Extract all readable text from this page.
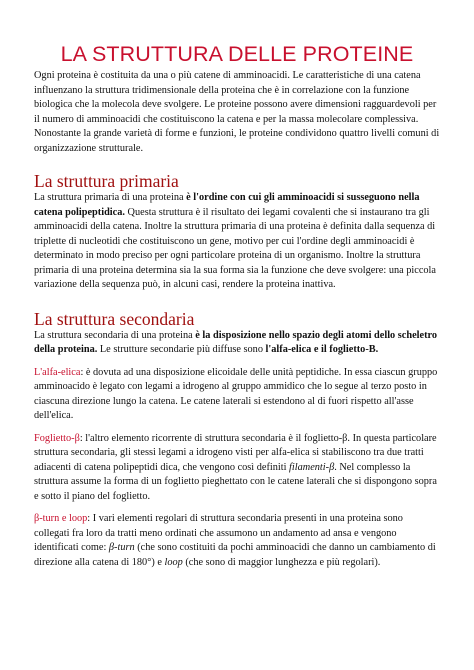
LA STRUTTURA DELLE PROTEINE

Ogni proteina è costituita da una o più catene di amminoacidi. Le caratteristiche di una catena influenzano la struttura tridimensionale della proteina che è in correlazione con la funzione biologica che la molecola deve svolgere. Le proteine possono avere dimensioni ragguardevoli per il numero di amminoacidi che costituiscono la catena e per la massa molecolare complessiva. Nonostante la grande varietà di forme e funzioni, le proteine condividono quattro livelli comuni di organizzazione strutturale.

La struttura primaria

La struttura primaria di una proteina è l'ordine con cui gli amminoacidi si susseguono nella catena polipeptidica. Questa struttura è il risultato dei legami covalenti che si instaurano tra gli amminoacidi della catena. Inoltre la struttura primaria di una proteina è definita dalla sequenza di triplette di nucleotidi che costituiscono un gene, motivo per cui l'ordine degli amminoacidi è determinato in modo preciso per ogni particolare proteina di un organismo. Inoltre la struttura primaria di una proteina determina sia la sua forma sia la funzione che deve svolgere: una piccola variazione della sequenza può, in alcuni casi, rendere la proteina inattiva.

La struttura secondaria

La struttura secondaria di una proteina è la disposizione nello spazio degli atomi dello scheletro della proteina. Le strutture secondarie più diffuse sono l'alfa-elica e il foglietto-B.

L'alfa-elica: è dovuta ad una disposizione elicoidale delle unità peptidiche. In essa ciascun gruppo amminoacido è legato con legami a idrogeno al gruppo ammidico che lo segue al terzo posto in ciascuna direzione lungo la catena. Le catene laterali si estendono al di fuori rispetto all'asse dell'elica.

Foglietto-β: l'altro elemento ricorrente di struttura secondaria è il foglietto-β. In questa particolare struttura secondaria, gli stessi legami a idrogeno visti per alfa-elica si stabiliscono tra due tratti adiacenti di catena polipeptidi dica, che vengono così definiti filamenti-β. Nel complesso la struttura assume la forma di un foglietto pieghettato con le catene laterali che si dispongono sopra e sotto il piano del foglietto.

β-turn e loop: I vari elementi regolari di struttura secondaria presenti in una proteina sono collegati fra loro da tratti meno ordinati che assumono un andamento ad ansa e vengono identificati come: β-turn (che sono costituiti da pochi amminoacidi che danno un cambiamento di direzione alla catena di 180°) e loop (che sono di maggior lunghezza e più regolari).
